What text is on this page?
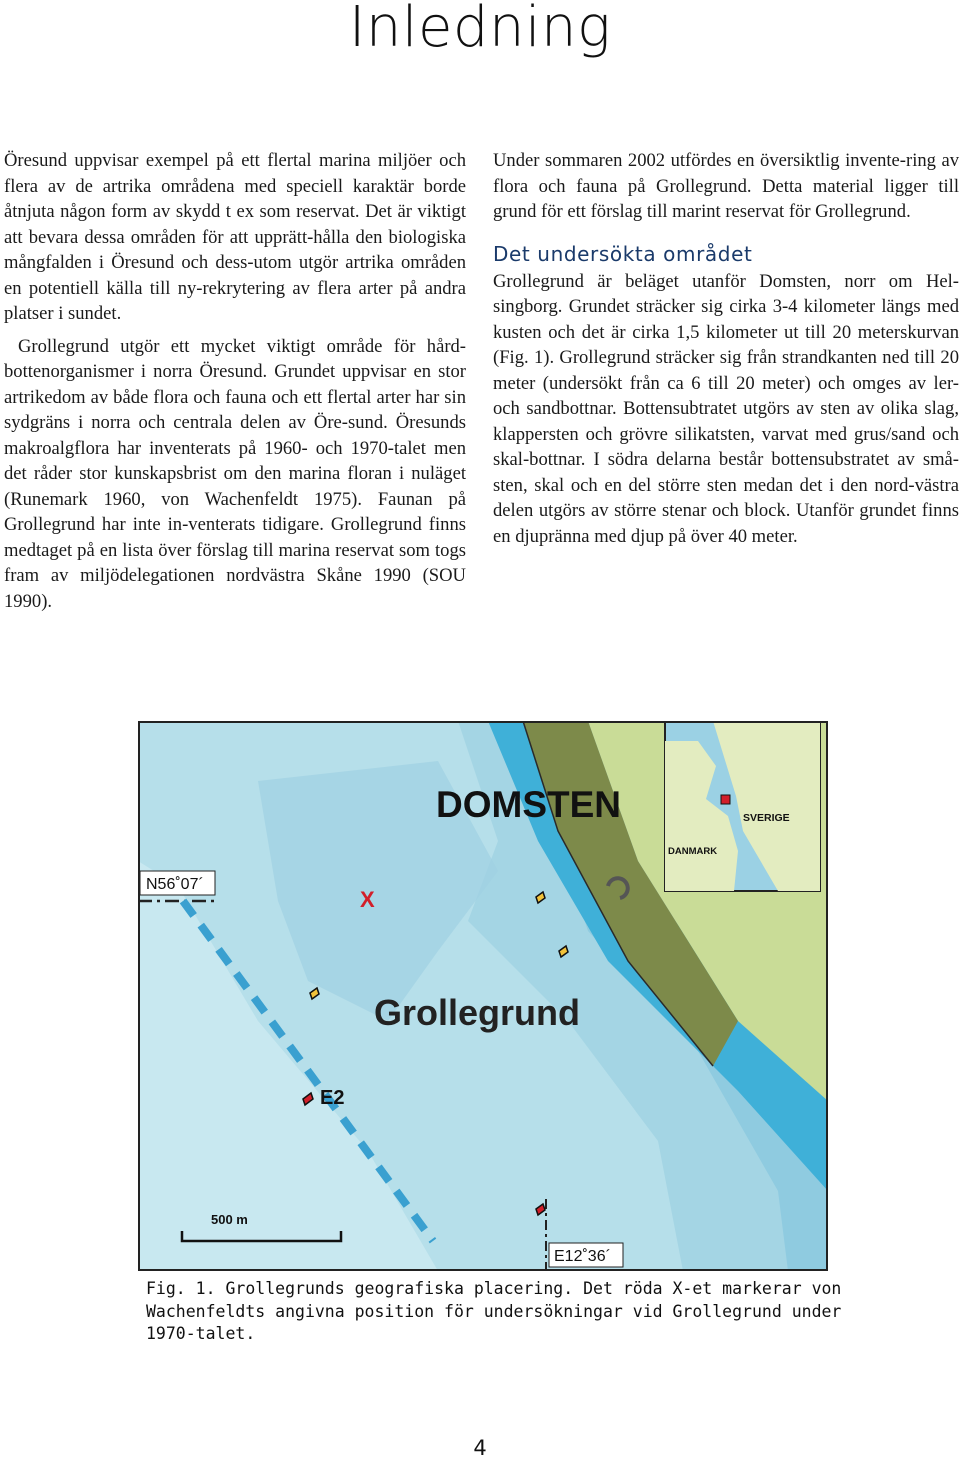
Inledning

Öresund uppvisar exempel på ett flertal marina miljöer och flera av de artrika områdena med speciell karaktär borde åtnjuta någon form av skydd t ex som reservat. Det är viktigt att bevara dessa områden för att upprätt-hålla den biologiska mångfalden i Öresund och dess-utom utgör artrika områden en potentiell källa till ny-rekrytering av flera arter på andra platser i sundet.

Grollegrund utgör ett mycket viktigt område för hård-bottenorganismer i norra Öresund. Grundet uppvisar en stor artrikedom av både flora och fauna och ett flertal arter har sin sydgräns i norra och centrala delen av Öre-sund. Öresunds makroalgflora har inventerats på 1960- och 1970-talet men det råder stor kunskapsbrist om den marina floran i nuläget (Runemark 1960, von Wachenfeldt 1975). Faunan på Grollegrund har inte in-venterats tidigare. Grollegrund finns medtaget på en lista över förslag till marina reservat som togs fram av miljödelegationen nordvästra Skåne 1990 (SOU 1990).

Under sommaren 2002 utfördes en översiktlig invente-ring av flora och fauna på Grollegrund. Detta material ligger till grund för ett förslag till marint reservat för Grollegrund.

Det undersökta området

Grollegrund är beläget utanför Domsten, norr om Hel-singborg. Grundet sträcker sig cirka 3-4 kilometer längs med kusten och det är cirka 1,5 kilometer ut till 20 meterskurvan (Fig. 1). Grollegrund sträcker sig från strandkanten ned till 20 meter (undersökt från ca 6 till 20 meter) och omges av ler- och sandbottnar. Bottensubtratet utgörs av sten av olika slag, klappersten och grövre silikatsten, varvat med grus/sand och skal-bottnar. I södra delarna består bottensubstratet av små-sten, skal och en del större sten medan det i den nord-västra delen utgörs av större stenar och block. Utanför grundet finns en djupränna med djup på över 40 meter.

SVERIGE
DANMARK
DOMSTEN
Grollegrund
N56˚07´
X
E2
500 m
E12˚36´
Fig. 1. Grollegrunds geografiska placering. Det röda X-et markerar von Wachenfeldts angivna position för undersökningar vid Grollegrund under 1970-talet.
4
